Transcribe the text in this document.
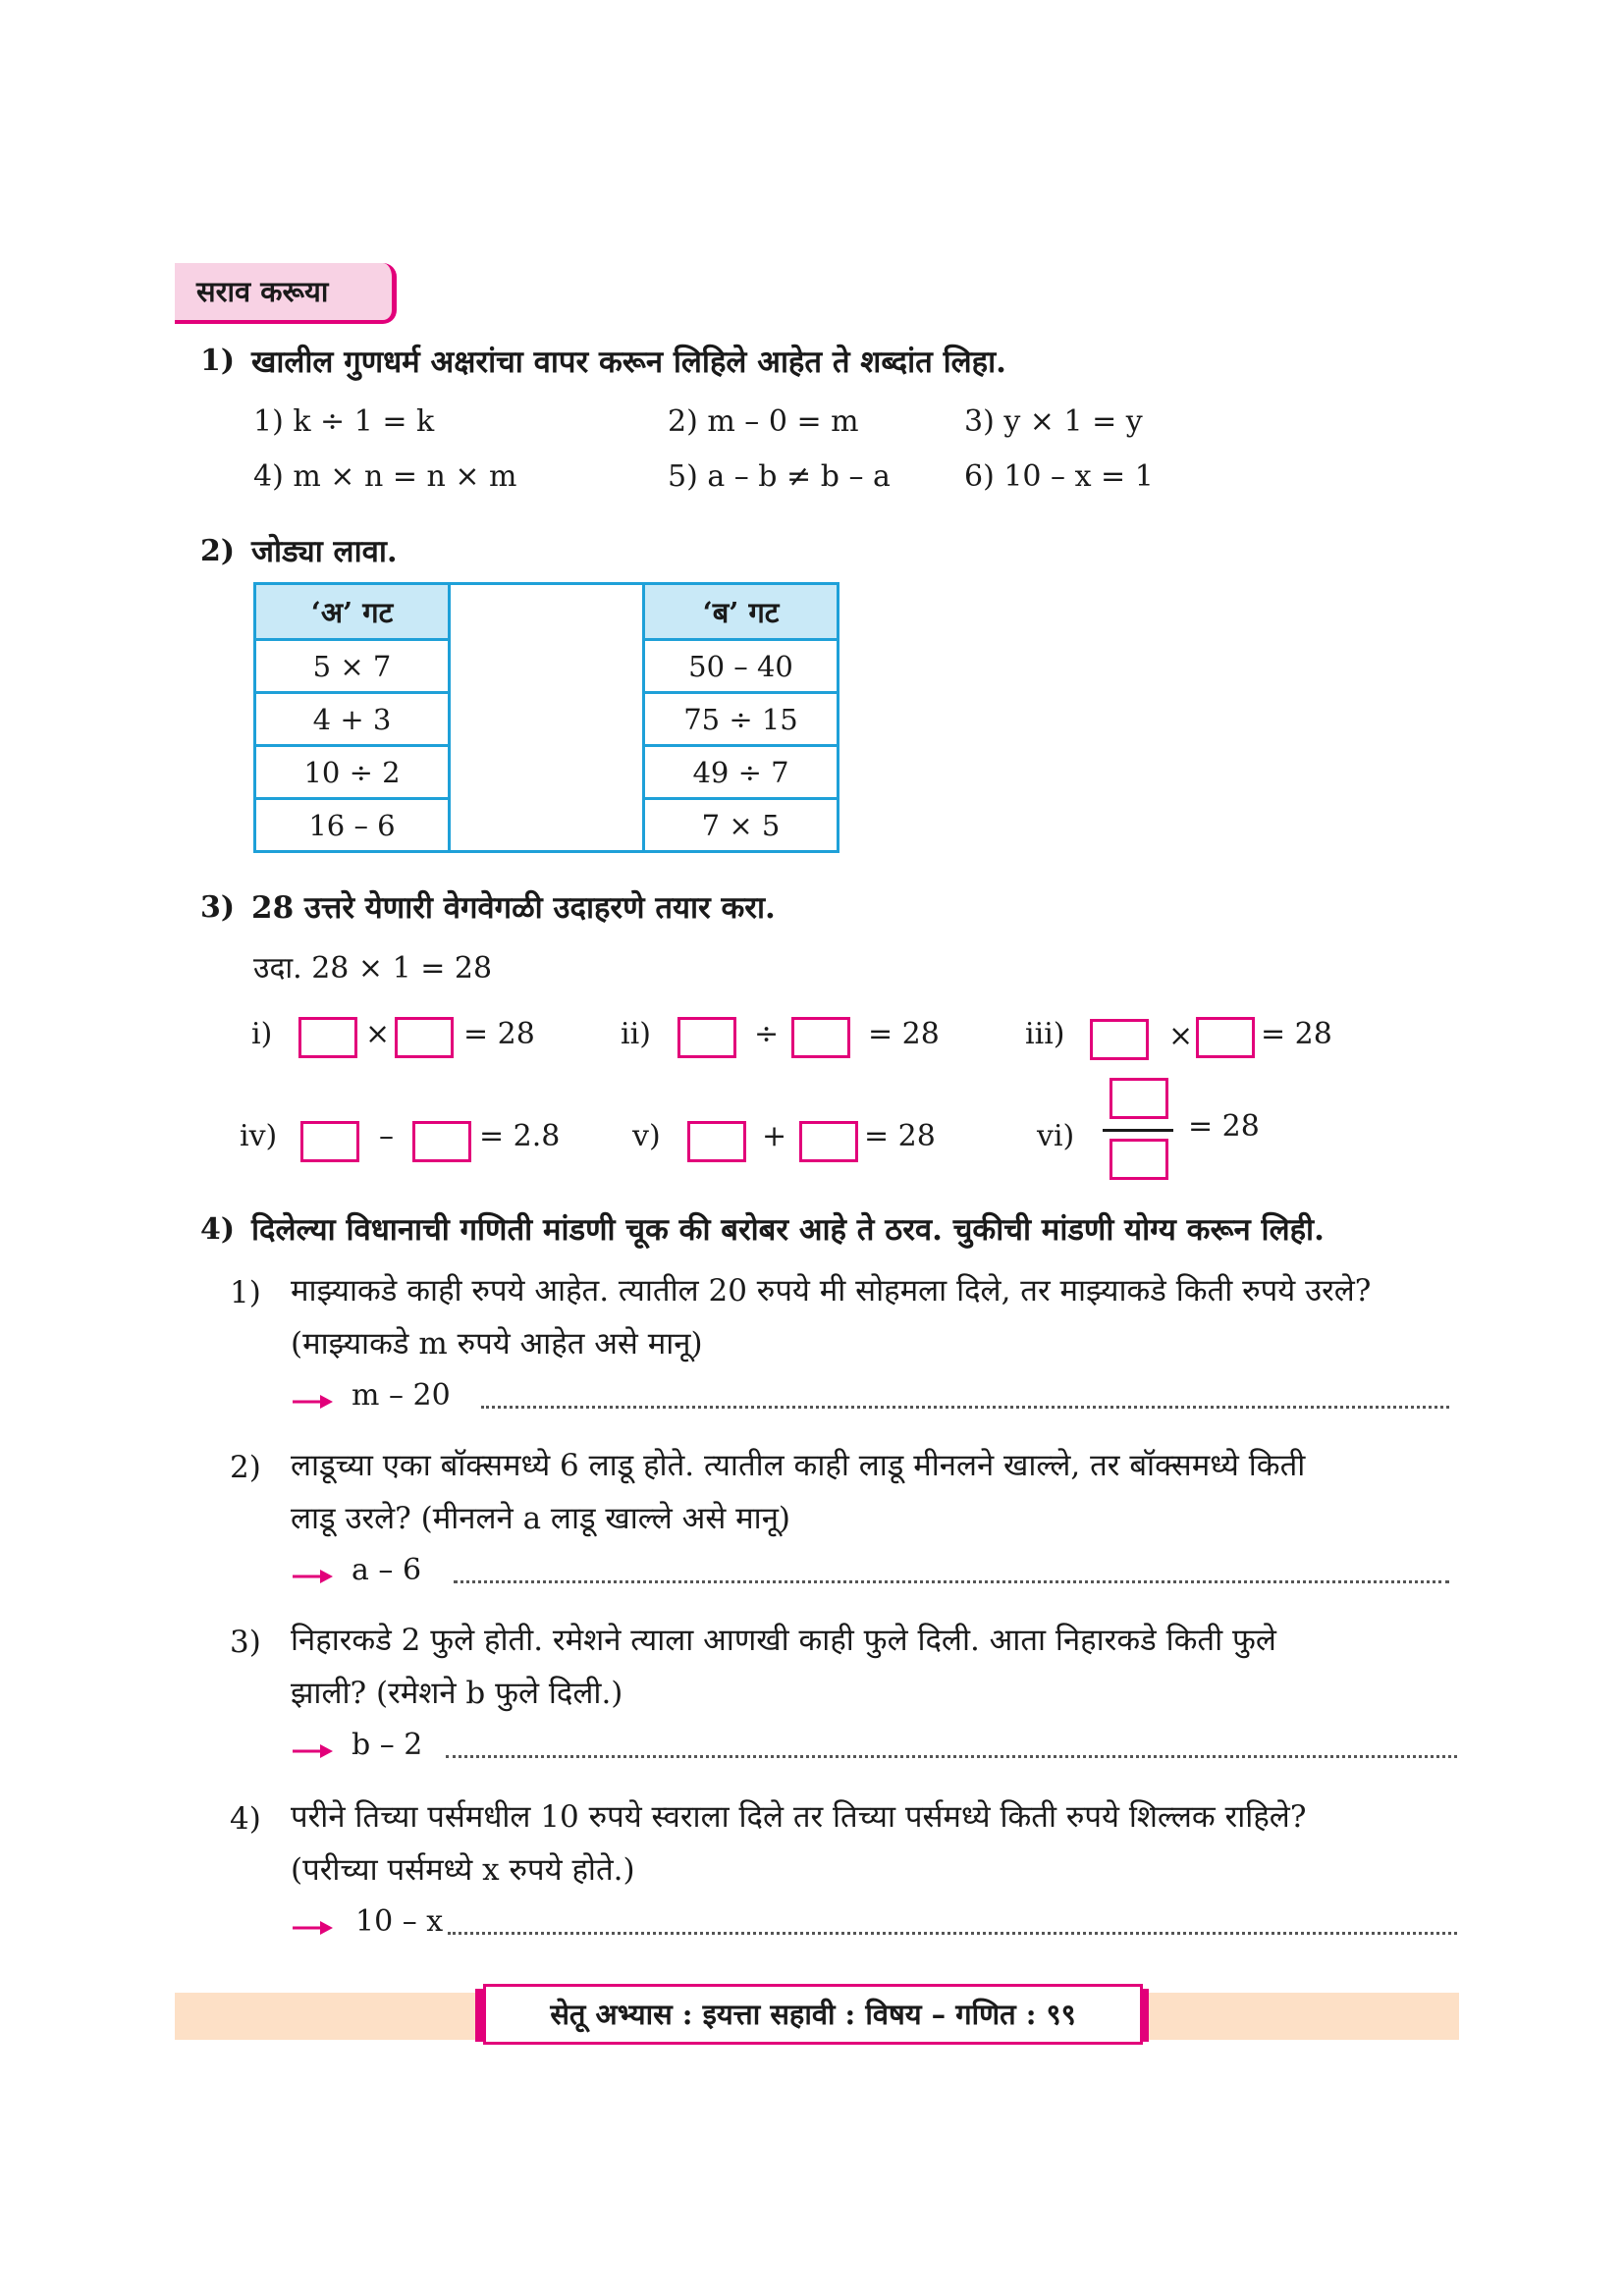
सराव करूया
1) खालील गुणधर्म अक्षरांचा वापर करून लिहिले आहेत ते शब्दांत लिहा.
1) k ÷ 1 = k	2) m – 0 = m	3) y × 1 = y
4) m × n = n × m	5) a – b ≠ b – a	6) 10 – x = 1
2) जोड्या लावा.
‘अ’ गट		‘ब’ गट
5 × 7		50 – 40
4 + 3		75 ÷ 15
10 ÷ 2		49 ÷ 7
16 – 6		7 × 5
3) 28 उत्तरे येणारी वेगवेगळी उदाहरणे तयार करा.
उदा. 28 × 1 = 28
i)	× = 28	ii)	÷	= 28	iii)	× = 28
iv)	–	= 2.8 v)	+	= 28	vi)	= 28
4) दिलेल्या विधानाची गणिती मांडणी चूक की बरोबर आहे ते ठरव. चुकीची मांडणी योग्य करून लिही.
1) माझ्याकडे काही रुपये आहेत. त्यातील 20 रुपये मी सोहमला दिले, तर माझ्याकडे किती रुपये उरले?
(माझ्याकडे m रुपये आहेत असे मानू)
m – 20
2) लाडूच्या एका बॉक्समध्ये 6 लाडू होते. त्यातील काही लाडू मीनलने खाल्ले, तर बॉक्समध्ये किती
लाडू उरले? (मीनलने a लाडू खाल्ले असे मानू)
a – 6
3) निहारकडे 2 फुले होती. रमेशने त्याला आणखी काही फुले दिली. आता निहारकडे किती फुले
झाली? (रमेशने b फुले दिली.)
b – 2
4) परीने तिच्या पर्समधील 10 रुपये स्वराला दिले तर तिच्या पर्समध्ये किती रुपये शिल्लक राहिले?
(परीच्या पर्समध्ये x रुपये होते.)
10 – x
सेतू अभ्यास : इयत्ता सहावी : विषय – गणित : ९९
